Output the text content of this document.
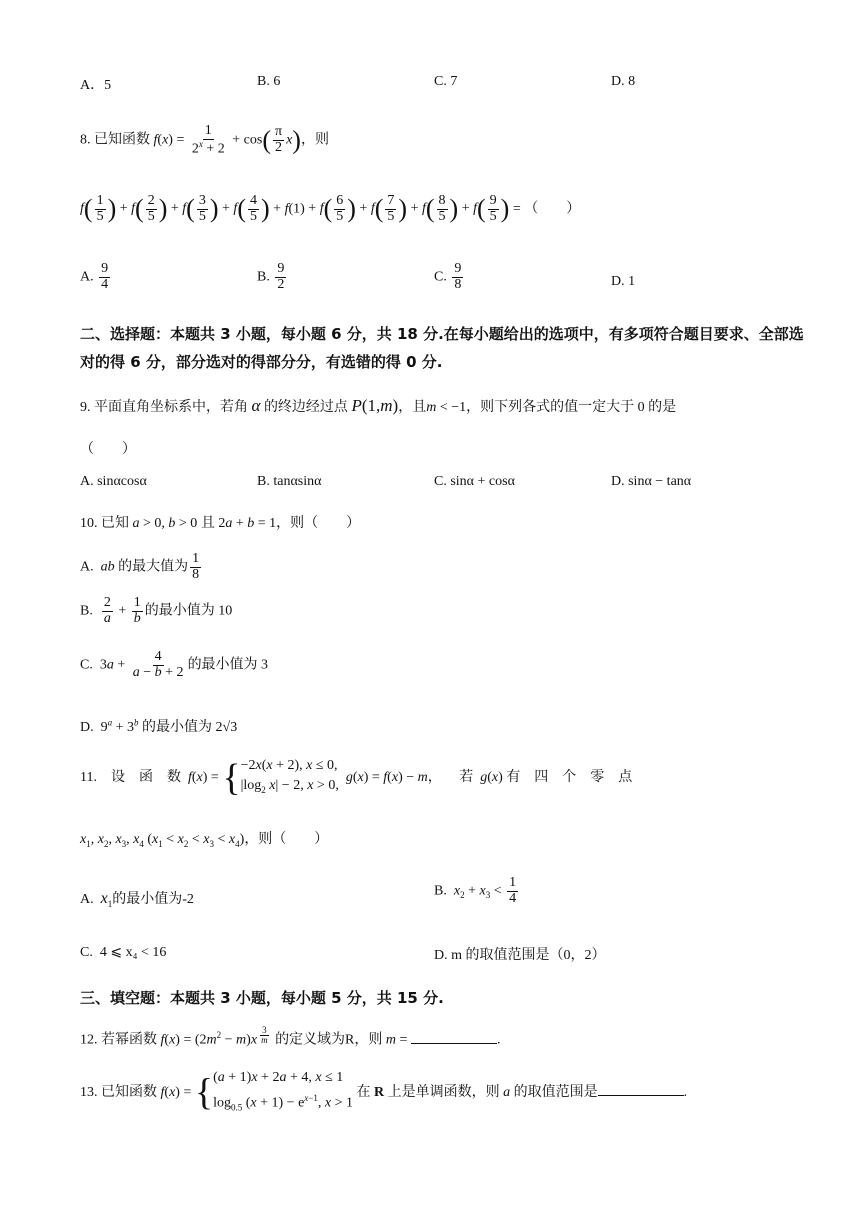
A．5	B. 6	C. 7	D. 8
8. 已知函数 $f(x) = \frac{1}{2^x + 2} + \cos( \frac{\pi}{2} x)$，则
$f( \frac{1}{5}$ ) + $f( \frac{2}{5}$ ) + $f( \frac{3}{5}$ ) + $f( \frac{4}{5}$ ) + $f(1) + f( \frac{6}{5}$ ) + $f( \frac{7}{5}$ ) + $f( \frac{8}{5}$ ) + $f( \frac{9}{5}$ ) = （　　）
A. $\frac{9}{4}$	B. $\frac{9}{2}$	C. $\frac{9}{8}$	D. 1
二、选择题：本题共 3 小题，每小题 6 分，共 18 分.在每小题给出的选项中，有多项符合题目要求、全部选对的得 6 分，部分选对的得部分分，有选错的得 0 分.
9. 平面直角坐标系中，若角 α 的终边经过点 P(1,m)，且m < −1，则下列各式的值一定大于 0 的是
（　　）
A. sinαcosα	B. tanαsinα	C. sinα + cosα	D. sinα − tanα
10. 已知 a > 0, b > 0 且 2a + b = 1，则（　　）
A.  ab 的最大值为 $\frac{1}{8}$
B. $\frac{2}{a} + \frac{1}{b}$ 的最小值为 10
C.  $3a + \frac{4}{a - b + 2}$ 的最小值为 3
D.  $9^a + 3^b$ 的最小值为 2√3
11.　设　函　数 f(x) = { −2x(x + 2), x ≤ 0,
$|\log_2$ x| − 2, x > 0,
g(x) = f(x) − m， 　若 g(x) 有　四　个　零　点
$x_1$, $x_2$, $x_3$, $x_4$ $(x_1 < x_2 < x_3 < x_4)$，则（　　）
A.  $x_1$的最小值为-2
B.  $x_2 + x_3 < \frac{1}{4}$
C.  4 ⩽ x₄ < 16	D. m 的取值范围是（0，2）
三、填空题：本题共 3 小题，每小题 5 分，共 15 分.
12. 若幂函数 $f(x) = (2m^2 - m)x$ $^{\frac{3}{m}}$ 的定义域为R，则 m =	.
13. 已知函数 f(x) = { (a + 1)x + 2a + 4, x ≤ 1
$\log_{0.5} (x + 1) - e^{x-1}$, x > 1
在 R 上是单调函数，则 a 的取值范围是	.
